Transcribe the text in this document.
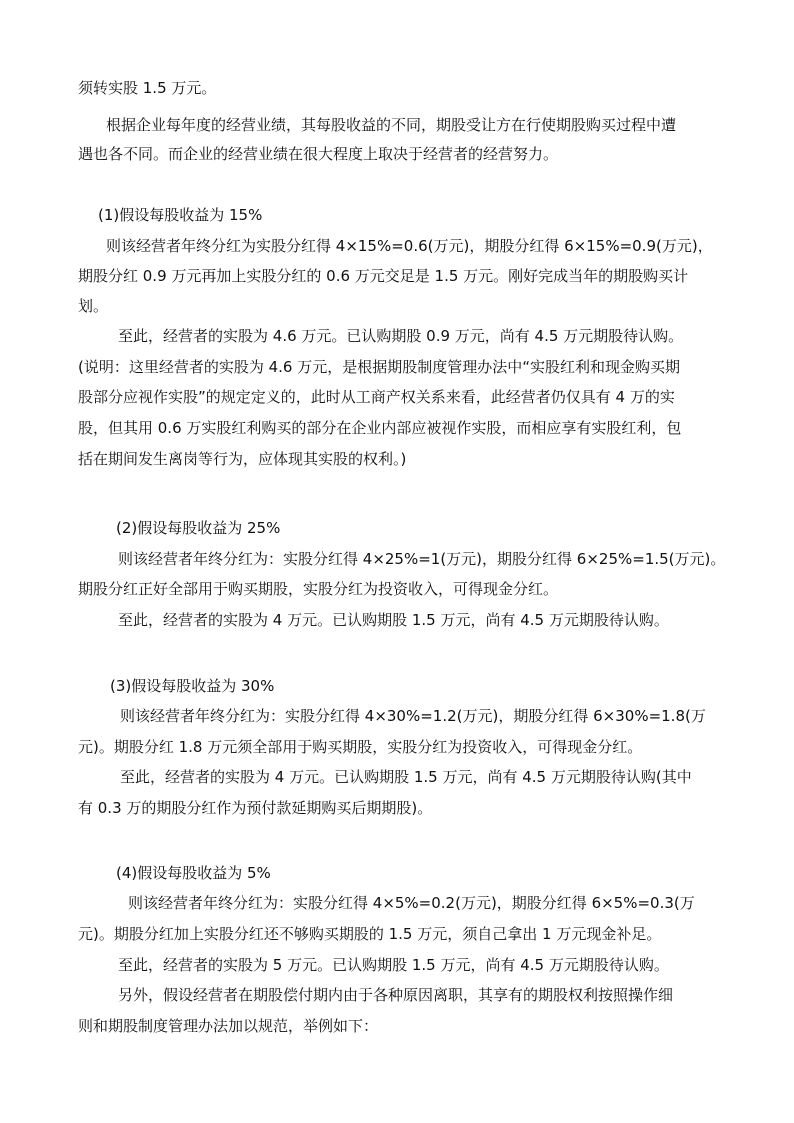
须转实股 1.5 万元。
根据企业每年度的经营业绩，其每股收益的不同，期股受让方在行使期股购买过程中遭
遇也各不同。而企业的经营业绩在很大程度上取决于经营者的经营努力。
(1)假设每股收益为 15%
则该经营者年终分红为实股分红得 4×15%=0.6(万元)，期股分红得 6×15%=0.9(万元)，
期股分红 0.9 万元再加上实股分红的 0.6 万元交足是 1.5 万元。刚好完成当年的期股购买计
划。
至此，经营者的实股为 4.6 万元。已认购期股 0.9 万元，尚有 4.5 万元期股待认购。
(说明：这里经营者的实股为 4.6 万元，是根据期股制度管理办法中“实股红利和现金购买期
股部分应视作实股”的规定定义的，此时从工商产权关系来看，此经营者仍仅具有 4 万的实
股，但其用 0.6 万实股红利购买的部分在企业内部应被视作实股，而相应享有实股红利，包
括在期间发生离岗等行为，应体现其实股的权利。)
(2)假设每股收益为 25%
则该经营者年终分红为：实股分红得 4×25%=1(万元)，期股分红得 6×25%=1.5(万元)。
期股分红正好全部用于购买期股，实股分红为投资收入，可得现金分红。
至此，经营者的实股为 4 万元。已认购期股 1.5 万元，尚有 4.5 万元期股待认购。
(3)假设每股收益为 30%
则该经营者年终分红为：实股分红得 4×30%=1.2(万元)，期股分红得 6×30%=1.8(万
元)。期股分红 1.8 万元须全部用于购买期股，实股分红为投资收入，可得现金分红。
至此，经营者的实股为 4 万元。已认购期股 1.5 万元，尚有 4.5 万元期股待认购(其中
有 0.3 万的期股分红作为预付款延期购买后期期股)。
(4)假设每股收益为 5%
则该经营者年终分红为：实股分红得 4×5%=0.2(万元)，期股分红得 6×5%=0.3(万
元)。期股分红加上实股分红还不够购买期股的 1.5 万元，须自己拿出 1 万元现金补足。
至此，经营者的实股为 5 万元。已认购期股 1.5 万元，尚有 4.5 万元期股待认购。
另外，假设经营者在期股偿付期内由于各种原因离职，其享有的期股权利按照操作细
则和期股制度管理办法加以规范，举例如下：
